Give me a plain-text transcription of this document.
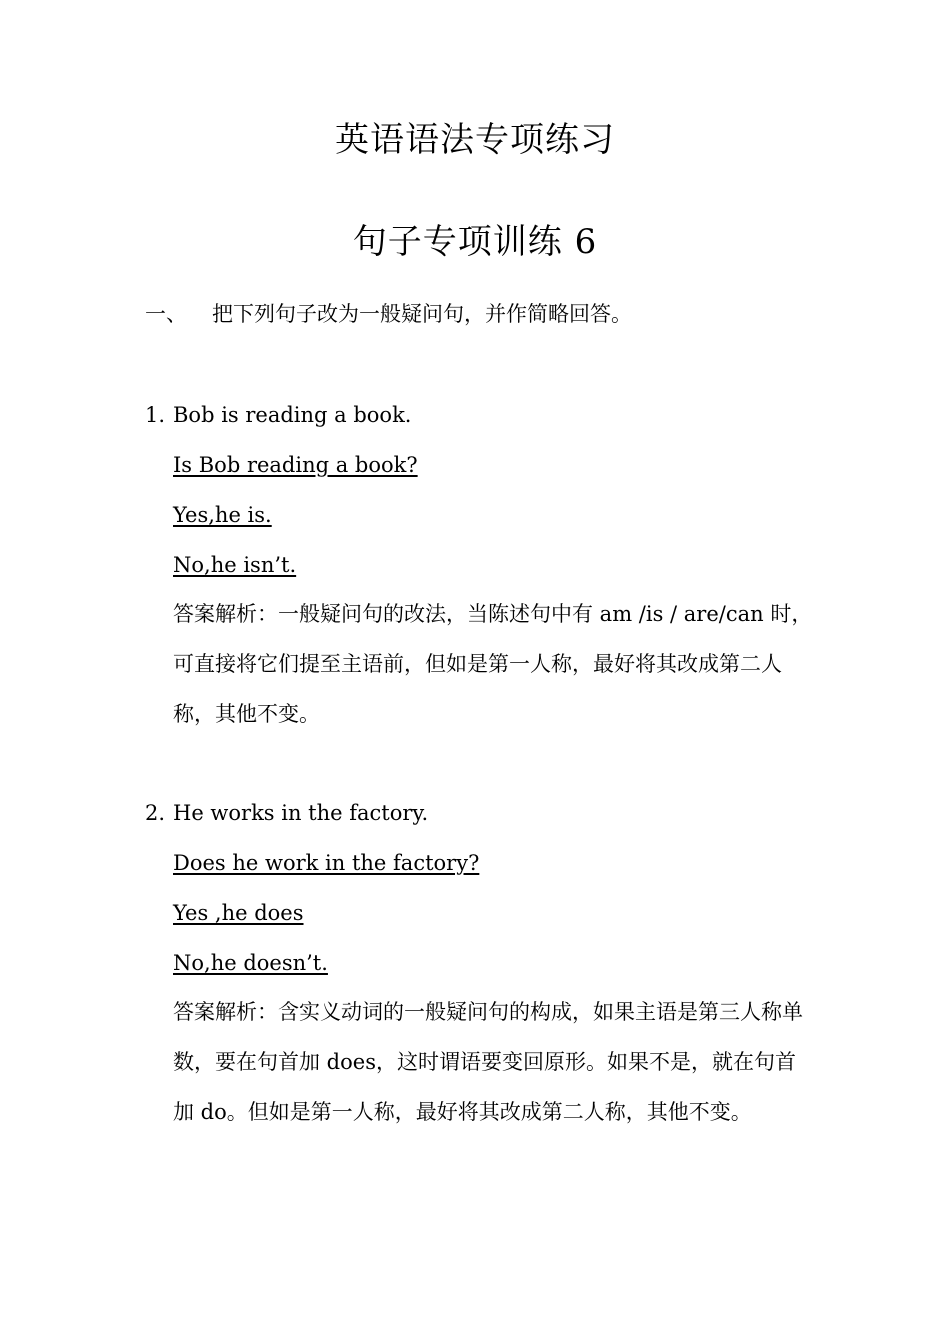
英语语法专项练习
句子专项训练 6
一、 把下列句子改为一般疑问句，并作简略回答。
1. Bob is reading a book.
Is Bob reading a book?
Yes,he is.
No,he isn’t.
答案解析：一般疑问句的改法，当陈述句中有 am /is / are/can 时，可直接将它们提至主语前，但如是第一人称，最好将其改成第二人称，其他不变。
2. He works in the factory.
Does he work in the factory?
Yes ,he does
No,he doesn’t.
答案解析：含实义动词的一般疑问句的构成，如果主语是第三人称单数，要在句首加 does，这时谓语要变回原形。如果不是，就在句首加 do。但如是第一人称，最好将其改成第二人称，其他不变。
